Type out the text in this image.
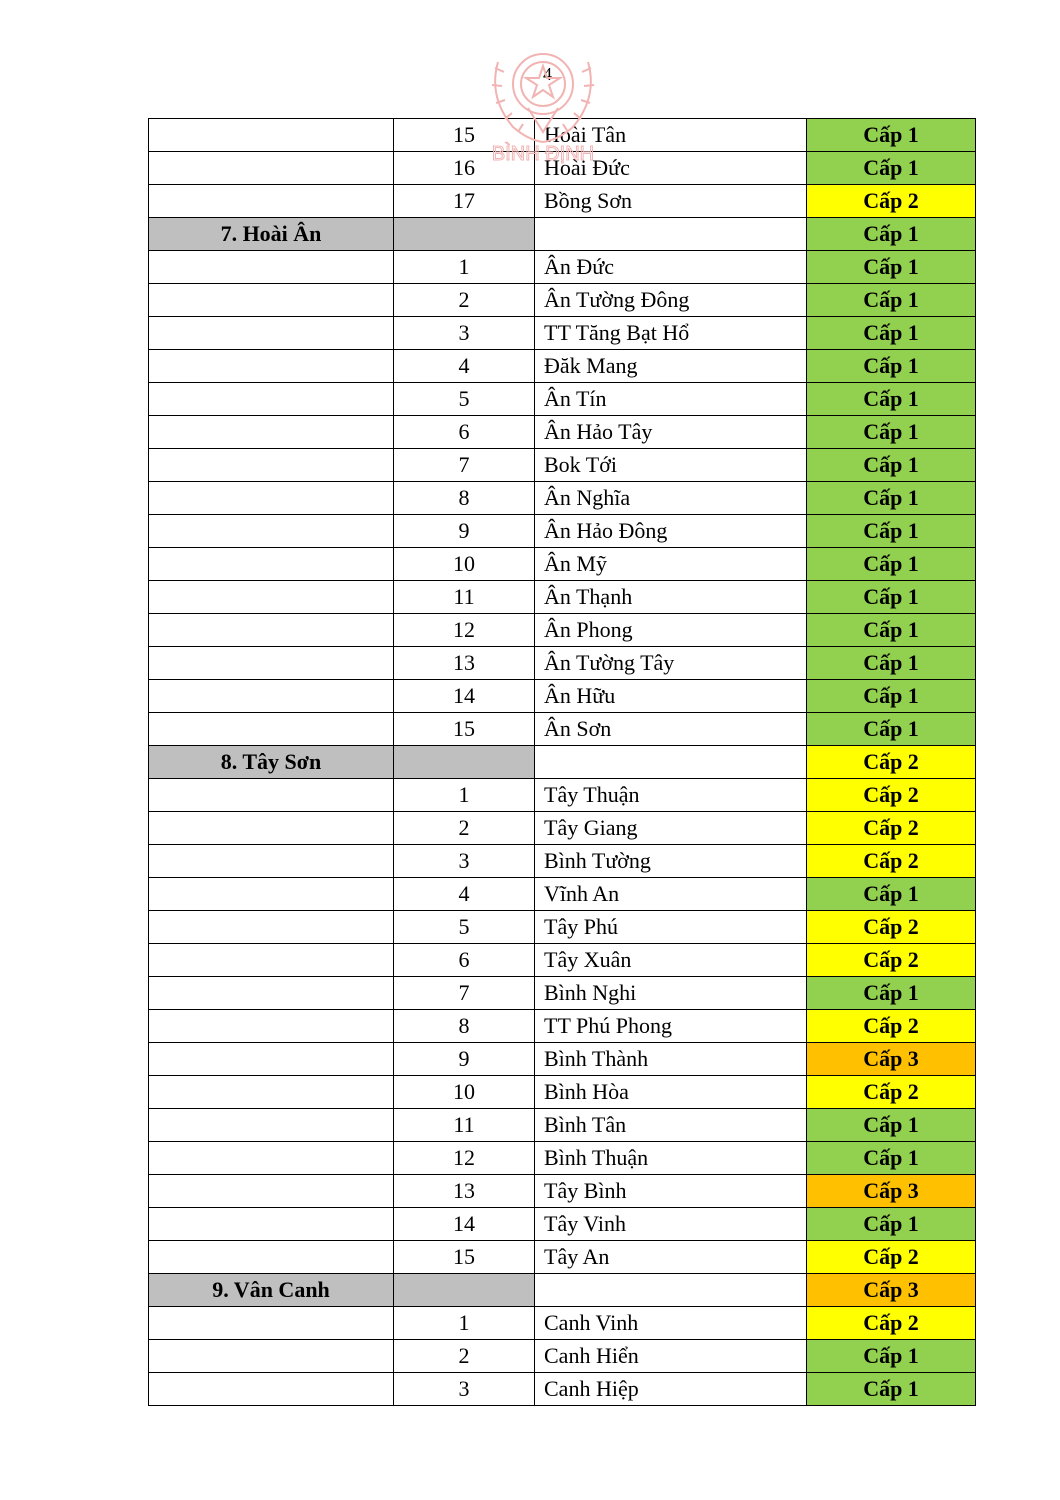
4
BÌNH ĐỊNH
	15	Hoài Tân	Cấp 1
	16	Hoài Đức	Cấp 1
	17	Bồng Sơn	Cấp 2
7. Hoài Ân			Cấp 1
	1	Ân Đức	Cấp 1
	2	Ân Tường Đông	Cấp 1
	3	TT Tăng Bạt Hổ	Cấp 1
	4	Đăk Mang	Cấp 1
	5	Ân Tín	Cấp 1
	6	Ân Hảo Tây	Cấp 1
	7	Bok Tới	Cấp 1
	8	Ân Nghĩa	Cấp 1
	9	Ân Hảo Đông	Cấp 1
	10	Ân Mỹ	Cấp 1
	11	Ân Thạnh	Cấp 1
	12	Ân Phong	Cấp 1
	13	Ân Tường Tây	Cấp 1
	14	Ân Hữu	Cấp 1
	15	Ân Sơn	Cấp 1
8. Tây Sơn			Cấp 2
	1	Tây Thuận	Cấp 2
	2	Tây Giang	Cấp 2
	3	Bình Tường	Cấp 2
	4	Vĩnh An	Cấp 1
	5	Tây Phú	Cấp 2
	6	Tây Xuân	Cấp 2
	7	Bình Nghi	Cấp 1
	8	TT Phú Phong	Cấp 2
	9	Bình Thành	Cấp 3
	10	Bình Hòa	Cấp 2
	11	Bình Tân	Cấp 1
	12	Bình Thuận	Cấp 1
	13	Tây Bình	Cấp 3
	14	Tây Vinh	Cấp 1
	15	Tây An	Cấp 2
9. Vân Canh			Cấp 3
	1	Canh Vinh	Cấp 2
	2	Canh Hiển	Cấp 1
	3	Canh Hiệp	Cấp 1
